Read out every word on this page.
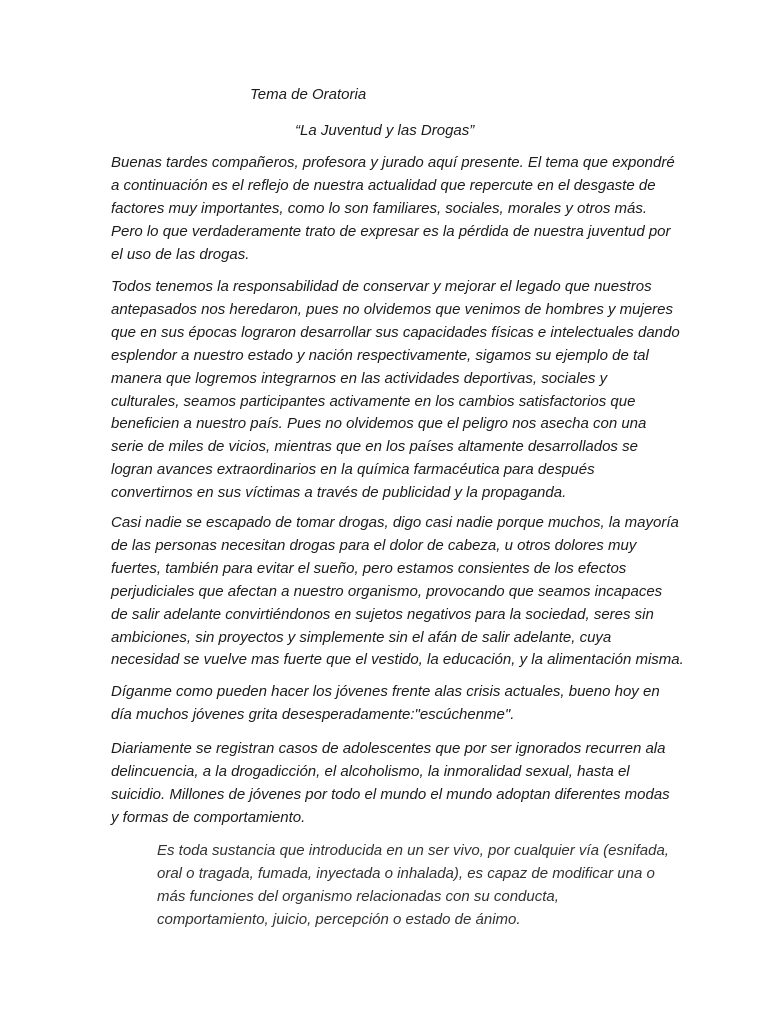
Tema de Oratoria
“La Juventud y las Drogas”
Buenas tardes compañeros, profesora y jurado aquí presente. El tema que expondré
a continuación es el reflejo de nuestra actualidad que repercute en el desgaste de
factores muy importantes, como lo son familiares, sociales, morales y otros más.
Pero lo que verdaderamente trato de expresar es la pérdida de nuestra juventud por
el uso de las drogas.
Todos tenemos la responsabilidad de conservar y mejorar el legado que nuestros
antepasados nos heredaron, pues no olvidemos que venimos de hombres y mujeres
que en sus épocas lograron desarrollar sus capacidades físicas e intelectuales dando
esplendor a nuestro estado y nación respectivamente, sigamos su ejemplo de tal
manera que logremos integrarnos en las actividades deportivas, sociales y
culturales, seamos participantes activamente en los cambios satisfactorios que
beneficien a nuestro país. Pues no olvidemos que el peligro nos asecha con una
serie de miles de vicios, mientras que en los países altamente desarrollados se
logran avances extraordinarios en la química farmacéutica para después
convertirnos en sus víctimas a través de publicidad y la propaganda.
Casi nadie se escapado de tomar drogas, digo casi nadie porque muchos, la mayoría
de las personas necesitan drogas para el dolor de cabeza, u otros dolores muy
fuertes, también para evitar el sueño, pero estamos consientes de los efectos
perjudiciales que afectan a nuestro organismo, provocando que seamos incapaces
de salir adelante convirtiéndonos en sujetos negativos para la sociedad, seres sin
ambiciones, sin proyectos y simplemente sin el afán de salir adelante, cuya
necesidad se vuelve mas fuerte que el vestido, la educación, y la alimentación misma.
Díganme como pueden hacer los jóvenes frente alas crisis actuales, bueno hoy en
día muchos jóvenes grita desesperadamente:"escúchenme".
Diariamente se registran casos de adolescentes que por ser ignorados recurren ala
delincuencia, a la drogadicción, el alcoholismo, la inmoralidad sexual, hasta el
suicidio. Millones de jóvenes por todo el mundo el mundo adoptan diferentes modas
y formas de comportamiento.
Es toda sustancia que introducida en un ser vivo, por cualquier vía (esnifada,
oral o tragada, fumada, inyectada o inhalada), es capaz de modificar una o
más funciones del organismo relacionadas con su conducta,
comportamiento, juicio, percepción o estado de ánimo.
